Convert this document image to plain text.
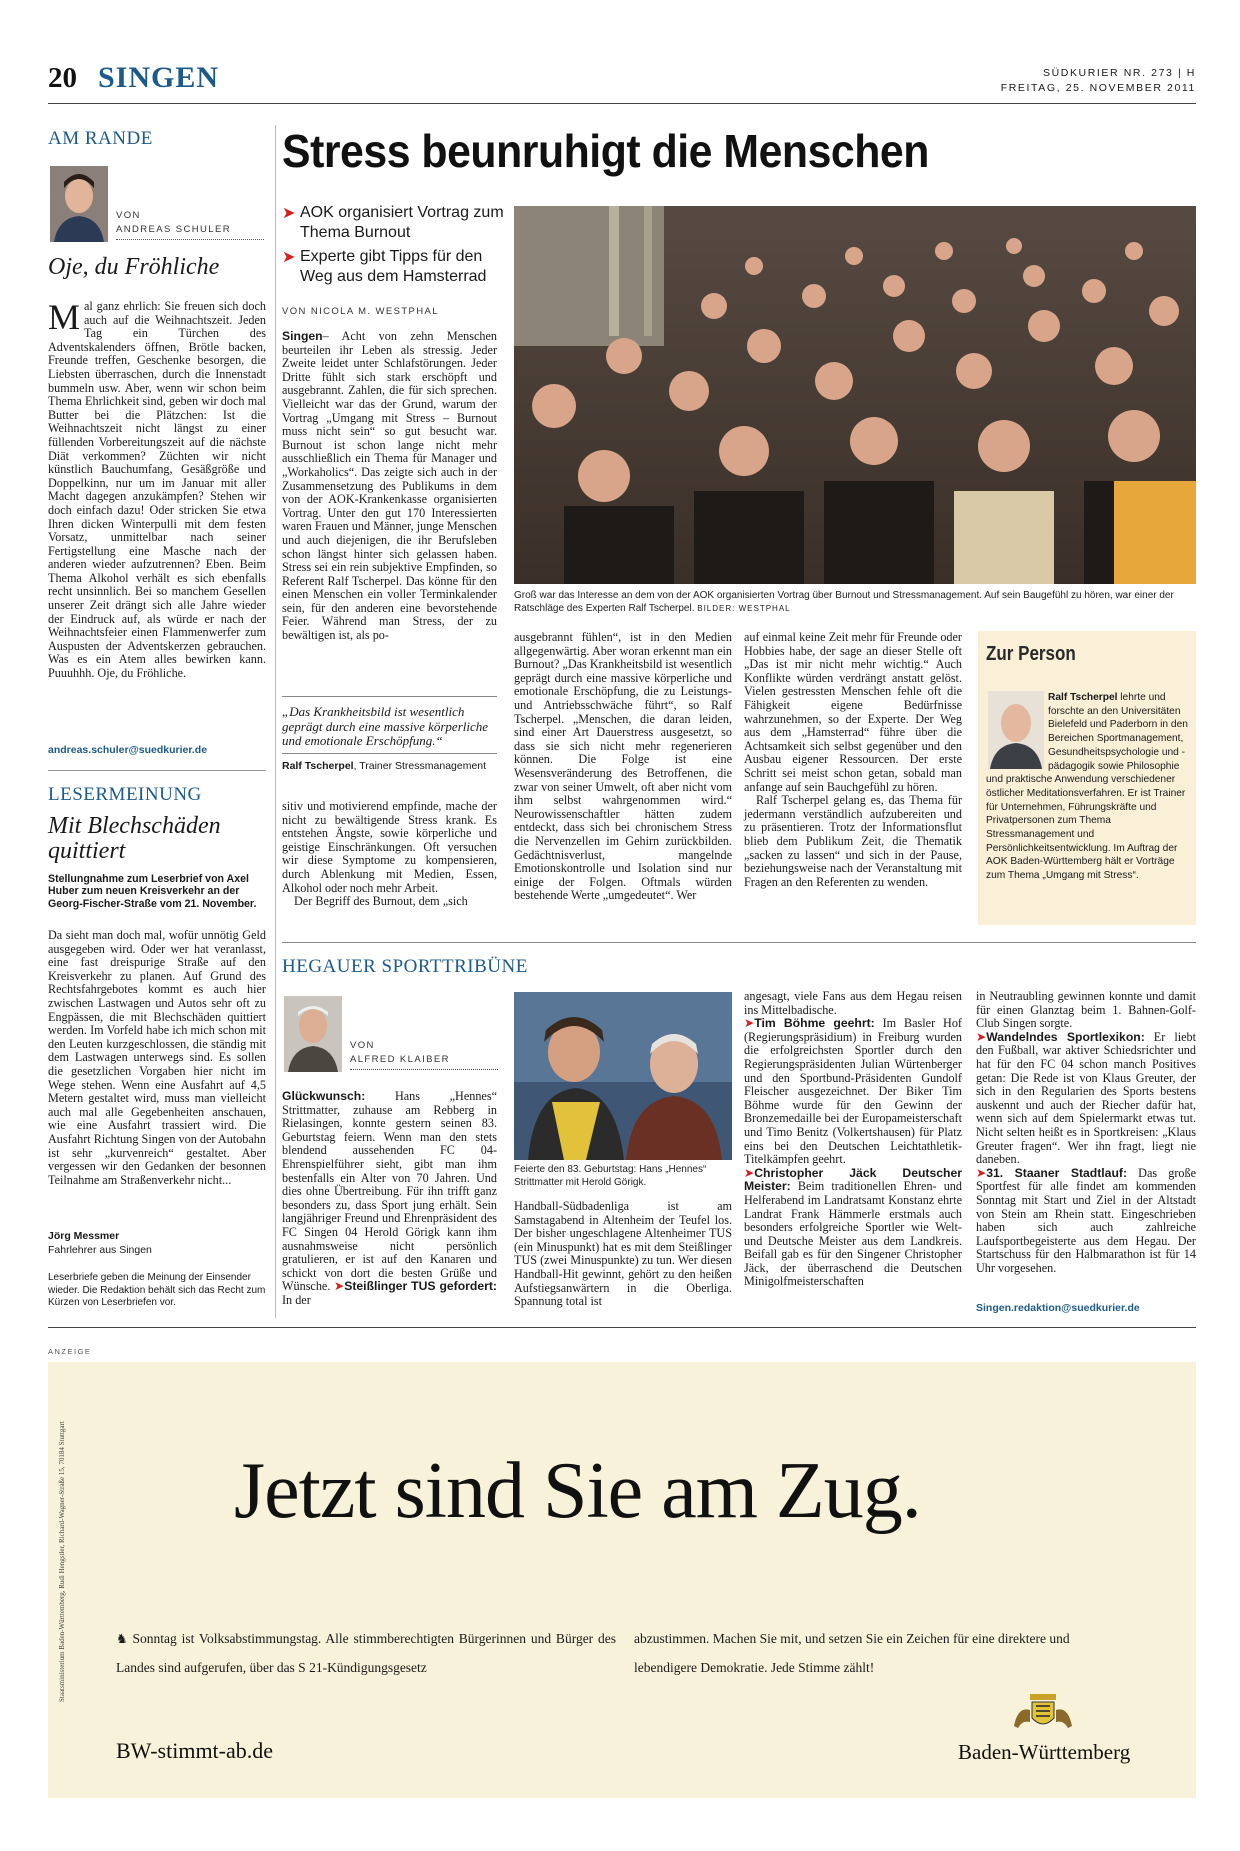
20 SINGEN	SÜDKURIER NR. 273 | H
FREITAG, 25. NOVEMBER 2011
AM RANDE
VON
ANDREAS SCHULER
Oje, du Fröhliche
Mal ganz ehrlich: Sie freuen sich doch auch auf die Weihnachtszeit. Jeden Tag ein Türchen des Adventskalenders öffnen, Brötle backen, Freunde treffen, Geschenke besorgen, die Liebsten überraschen, durch die Innenstadt bummeln usw. Aber, wenn wir schon beim Thema Ehrlichkeit sind, geben wir doch mal Butter bei die Plätzchen: Ist die Weihnachtszeit nicht längst zu einer füllenden Vorbereitungszeit auf die nächste Diät verkommen? Züchten wir nicht künstlich Bauchumfang, Gesäßgröße und Doppelkinn, nur um im Januar mit aller Macht dagegen anzukämpfen? Stehen wir doch einfach dazu! Oder stricken Sie etwa Ihren dicken Winterpulli mit dem festen Vorsatz, unmittelbar nach seiner Fertigstellung eine Masche nach der anderen wieder aufzutrennen? Eben. Beim Thema Alkohol verhält es sich ebenfalls recht unsinnlich. Bei so manchem Gesellen unserer Zeit drängt sich alle Jahre wieder der Eindruck auf, als würde er nach der Weihnachtsfeier einen Flammenwerfer zum Auspusten der Adventskerzen gebrauchen. Was es ein Atem alles bewirken kann. Puuuhhh. Oje, du Fröhliche.
andreas.schuler@suedkurier.de
LESERMEINUNG
Mit Blechschäden quittiert
Stellungnahme zum Leserbrief von Axel Huber zum neuen Kreisverkehr an der Georg-Fischer-Straße vom 21. November.
Da sieht man doch mal, wofür unnötig Geld ausgegeben wird. Oder wer hat veranlasst, eine fast dreispurige Straße auf den Kreisverkehr zu planen. Auf Grund des Rechtsfahrgebotes kommt es auch hier zwischen Lastwagen und Autos sehr oft zu Engpässen, die mit Blechschäden quittiert werden. Im Vorfeld habe ich mich schon mit den Leuten kurzgeschlossen, die ständig mit dem Lastwagen unterwegs sind. Es sollen die gesetzlichen Vorgaben hier nicht im Wege stehen. Wenn eine Ausfahrt auf 4,5 Metern gestaltet wird, muss man vielleicht auch mal alle Gegebenheiten anschauen, wie eine Ausfahrt trassiert wird. Die Ausfahrt Richtung Singen von der Autobahn ist sehr „kurvenreich“ gestaltet. Aber vergessen wir den Gedanken der besonnen Teilnahme am Straßenverkehr nicht...
Jörg Messmer
Fahrlehrer aus Singen
Leserbriefe geben die Meinung der Einsender wieder. Die Redaktion behält sich das Recht zum Kürzen von Leserbriefen vor.
Stress beunruhigt die Menschen
➤ AOK organisiert Vortrag zum Thema Burnout
➤ Experte gibt Tipps für den Weg aus dem Hamsterrad
VON NICOLA M. WESTPHAL
Singen– Acht von zehn Menschen beurteilen ihr Leben als stressig. Jeder Zweite leidet unter Schlafstörungen. Jeder Dritte fühlt sich stark erschöpft und ausgebrannt. Zahlen, die für sich sprechen. Vielleicht war das der Grund, warum der Vortrag „Umgang mit Stress – Burnout muss nicht sein“ so gut besucht war. Burnout ist schon lange nicht mehr ausschließlich ein Thema für Manager und „Workaholics“. Das zeigte sich auch in der Zusammensetzung des Publikums in dem von der AOK-Krankenkasse organisierten Vortrag. Unter den gut 170 Interessierten waren Frauen und Männer, junge Menschen und auch diejenigen, die ihr Berufsleben schon längst hinter sich gelassen haben. Stress sei ein rein subjektive Empfinden, so Referent Ralf Tscherpel. Das könne für den einen Menschen ein voller Terminkalender sein, für den anderen eine bevorstehende Feier. Während man Stress, der zu bewältigen ist, als po-
Groß war das Interesse an dem von der AOK organisierten Vortrag über Burnout und Stressmanagement. Auf sein Baugefühl zu hören, war einer der Ratschläge des Experten Ralf Tscherpel. BILDER: WESTPHAL
„Das Krankheitsbild ist wesentlich geprägt durch eine massive körperliche und emotionale Erschöpfung.“
Ralf Tscherpel, Trainer Stressmanagement

sitiv und motivierend empfinde, mache der nicht zu bewältigende Stress krank. Es entstehen Ängste, sowie körperliche und geistige Einschränkungen. Oft versuchen wir diese Symptome zu kompensieren, durch Ablenkung mit Medien, Essen, Alkohol oder noch mehr Arbeit.

Der Begriff des Burnout, dem „sich

ausgebrannt fühlen“, ist in den Medien allgegenwärtig. Aber woran erkennt man ein Burnout? „Das Krankheitsbild ist wesentlich geprägt durch eine massive körperliche und emotionale Erschöpfung, die zu Leistungs- und Antriebsschwäche führt“, so Ralf Tscherpel. „Menschen, die daran leiden, sind einer Art Dauerstress ausgesetzt, so dass sie sich nicht mehr regenerieren können. Die Folge ist eine Wesensveränderung des Betroffenen, die zwar von seiner Umwelt, oft aber nicht vom ihm selbst wahrgenommen wird.“ Neurowissenschaftler hätten zudem entdeckt, dass sich bei chronischem Stress die Nervenzellen im Gehirn zurückbilden. Gedächtnisverlust, mangelnde Emotionskontrolle und Isolation sind nur einige der Folgen. Oftmals würden bestehende Werte „umgedeutet“. Wer

auf einmal keine Zeit mehr für Freunde oder Hobbies habe, der sage an dieser Stelle oft „Das ist mir nicht mehr wichtig.“ Auch Konflikte würden verdrängt anstatt gelöst. Vielen gestressten Menschen fehle oft die Fähigkeit eigene Bedürfnisse wahrzunehmen, so der Experte. Der Weg aus dem „Hamsterrad“ führe über die Achtsamkeit sich selbst gegenüber und den Ausbau eigener Ressourcen. Der erste Schritt sei meist schon getan, sobald man anfange auf sein Bauchgefühl zu hören.

Ralf Tscherpel gelang es, das Thema für jedermann verständlich aufzubereiten und zu präsentieren. Trotz der Informationsflut blieb dem Publikum Zeit, die Thematik „sacken zu lassen“ und sich in der Pause, beziehungsweise nach der Veranstaltung mit Fragen an den Referenten zu wenden.

Zur Person
Ralf Tscherpel lehrte und forschte an den Universitäten Bielefeld und Paderborn in den Bereichen Sportmanagement, Gesundheitspsychologie und -pädagogik sowie Philosophie und praktische Anwendung verschiedener östlicher Meditationsverfahren. Er ist Trainer für Unternehmen, Führungskräfte und Privatpersonen zum Thema Stressmanagement und Persönlichkeitsentwicklung. Im Auftrag der AOK Baden-Württemberg hält er Vorträge zum Thema „Umgang mit Stress“.
HEGAUER SPORTTRIBÜNE
VON
ALFRED KLAIBER
Glückwunsch: Hans „Hennes“ Strittmatter, zuhause am Rebberg in Rielasingen, konnte gestern seinen 83. Geburtstag feiern. Wenn man den stets blendend aussehenden FC 04-Ehrenspielführer sieht, gibt man ihm bestenfalls ein Alter von 70 Jahren. Und dies ohne Übertreibung. Für ihn trifft ganz besonders zu, dass Sport jung erhält. Sein langjähriger Freund und Ehrenpräsident des FC Singen 04 Herold Görigk kann ihm ausnahmsweise nicht persönlich gratulieren, er ist auf den Kanaren und schickt von dort die besten Grüße und Wünsche. ➤Steißlinger TUS gefordert: In der
Feierte den 83. Geburtstag: Hans „Hennes“ Strittmatter mit Herold Görigk.
Handball-Südbadenliga ist am Samstagabend in Altenheim der Teufel los. Der bisher ungeschlagene Altenheimer TUS (ein Minuspunkt) hat es mit dem Steißlinger TUS (zwei Minuspunkte) zu tun. Wer diesen Handball-Hit gewinnt, gehört zu den heißen Aufstiegsanwärtern in die Oberliga. Spannung total ist
angesagt, viele Fans aus dem Hegau reisen ins Mittelbadische.
➤Tim Böhme geehrt: Im Basler Hof (Regierungspräsidium) in Freiburg wurden die erfolgreichsten Sportler durch den Regierungspräsidenten Julian Würtenberger und den Sportbund-Präsidenten Gundolf Fleischer ausgezeichnet. Der Biker Tim Böhme wurde für den Gewinn der Bronzemedaille bei der Europameisterschaft und Timo Benitz (Volkertshausen) für Platz eins bei den Deutschen Leichtathletik-Titelkämpfen geehrt.
➤Christopher Jäck Deutscher Meister: Beim traditionellen Ehren- und Helferabend im Landratsamt Konstanz ehrte Landrat Frank Hämmerle erstmals auch besonders erfolgreiche Sportler wie Welt- und Deutsche Meister aus dem Landkreis. Beifall gab es für den Singener Christopher Jäck, der überraschend die Deutschen Minigolfmeisterschaften
in Neutraubling gewinnen konnte und damit für einen Glanztag beim 1. Bahnen-Golf-Club Singen sorgte.
➤Wandelndes Sportlexikon: Er liebt den Fußball, war aktiver Schiedsrichter und hat für den FC 04 schon manch Positives getan: Die Rede ist von Klaus Greuter, der sich in den Regularien des Sports bestens auskennt und auch der Riecher dafür hat, wenn sich auf dem Spielermarkt etwas tut. Nicht selten heißt es in Sportkreisen: „Klaus Greuter fragen“. Wer ihn fragt, liegt nie daneben.
➤31. Staaner Stadtlauf: Das große Sportfest für alle findet am kommenden Sonntag mit Start und Ziel in der Altstadt von Stein am Rhein statt. Eingeschrieben haben sich auch zahlreiche Laufsportbegeisterte aus dem Hegau. Der Startschuss für den Halbmarathon ist für 14 Uhr vorgesehen.
Singen.redaktion@suedkurier.de
ANZEIGE
Staatsministerium Baden-Württemberg, Rudi Hengstler, Richard-Wagner-Straße 15, 70184 Stuttgart Jetzt sind Sie am Zug.
♞ Sonntag ist Volksabstimmungstag. Alle stimmberechtigten Bürgerinnen und Bürger des Landes sind aufgerufen, über das S 21-Kündigungsgesetz
abzustimmen. Machen Sie mit, und setzen Sie ein Zeichen für eine direktere und lebendigere Demokratie. Jede Stimme zählt!
BW-stimmt-ab.de	Baden-Württemberg
